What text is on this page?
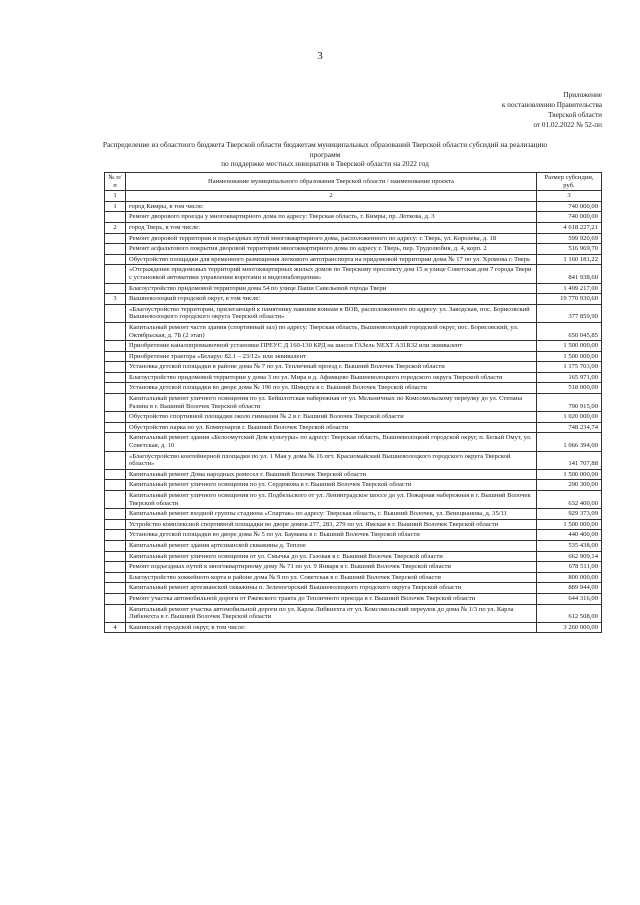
3
Приложение
к постановлению Правительства
Тверской области
от 01.02.2022 № 52-пп
Распределение из областного бюджета Тверской области бюджетам муниципальных образований Тверской области субсидий на реализацию программ
по поддержке местных инициатив в Тверской области на 2022 год
№ п/п	Наименование муниципального образования Тверской области / наименование проекта	Размер субсидии, руб.
1	2	3
1	город Кимры, в том числе:	740 000,00
	Ремонт дворового проезда у многоквартирного дома по адресу: Тверская область, г. Кимры, пр. Лоткова, д. 3	740 000,00
2	город Тверь, в том числе:	4 618 227,21
	Ремонт дворовой территории и подъездных путей многоквартирного дома, расположенного по адресу: г. Тверь, ул. Королева, д. 18	599 920,69
	Ремонт асфальтового покрытия дворовой территории многоквартирного дома по адресу г. Тверь, пер. Трудолюбия, д. 4, корп. 2	516 969,70
	Обустройство площадки для временного размещения легкового автотранспорта на придомовой территории дома № 17 по ул. Хромова г. Тверь	1 160 181,22
	«Отграждение придомовых территорий многоквартирных жилых домов по Тверскому проспекту дом 15 и улице Советская дом 7 города Твери с установкой автоматики управления воротами и видеонаблюдения»	841 938,60
	Благоустройство придомовой территории дома 54 по улице Паши Савельевой города Твери	1 499 217,00
3	Вышневолоцкий городской округ, в том числе:	19 770 930,60
	«Благоустройство территории, прилегающей к памятнику павшим воинам в ВОВ, расположенного по адресу: ул. Заводская, пос. Борисовский Вышневолоцкого городского округа Тверской области»	377 859,90
	Капитальный ремонт части здания (спортивный зал) по адресу: Тверская область, Вышневолоцкий городской округ, пос. Борисовский, ул. Октябрьская, д. 7Б (2 этап)	650 045,85
	Приобретение каналопромывочной установки ПРЕУС Д 160-130 КРД на шасси ГАЗель NEXT A31R32 или эквивалент	1 500 000,00
	Приобретение трактора «Беларус 82.1 – 23/12» или эквивалент	1 500 000,00
	Установка детской площадки в районе дома № 7 по ул. Тепличный проезд г. Вышний Волочек Тверской области	1 175 703,00
	Благоустройство придомовой территории у дома 3 по ул. Мира в д. Афимцево Вышневолоцкого городского округа Тверской области	165 971,00
	Установка детской площадки во дворе дома № 196 по ул. Шмидта в г. Вышний Волочек Тверской области	518 000,00
	Капитальный ремонт уличного освещения по ул. Бейшлотская набережная от ул. Мельничных по Комсомольскому переулку до ул. Степана Разина в г. Вышний Волочек Тверской области	790 915,00
	Обустройство спортивной площадки около гимназии № 2 в г. Вышний Волочек Тверской области	1 020 000,00
	Обустройство парка по ул. Коммунаров г. Вышний Волочек Тверской области	748 234,74
	Капитальный ремонт здания «Белоомутский Дом культуры» по адресу: Тверская область, Вышневолоцкий городской округ, п. Белый Омут, ул. Советская, д. 10	1 066 394,00
	«Благоустройство контейнерной площадки по ул. 1 Мая у дома № 16 пгт. Красномайский Вышневолоцкого городского округа Тверской области»	141 707,88
	Капитальный ремонт Дома народных ремесел г. Вышний Волочек Тверской области	1 500 000,00
	Капитальный ремонт уличного освещения по ул. Сердюкова в г. Вышний Волочек Тверской области	290 300,00
	Капитальный ремонт уличного освещения по ул. Подбельского от ул. Ленинградское шоссе до ул. Пожарная набережная в г. Вышний Волочек Тверской области	632 400,00
	Капитальный ремонт входной группы стадиона «Спартак» по адресу: Тверская область, г. Вышний Волочек, ул. Венецианова, д. 35/11	929 373,09
	Устройство комплексной спортивной площадки во дворе домов 277, 283, 279 по ул. Ямская в г. Вышний Волочек Тверской области	1 500 000,00
	Установка детской площадки во дворе дома № 5 по ул. Баумана в г. Вышний Волочек Тверской области	440 400,00
	Капитальный ремонт здания артезианской скважины д. Теплое	535 438,00
	Капитальный ремонт уличного освещения от ул. Смычка до ул. Газовая в г. Вышний Волочек Тверской области	662 909,14
	Ремонт подъездных путей к многоквартирному дому № 71 по ул. 9 Января в г. Вышний Волочек Тверской области	678 511,00
	Благоустройство хоккейного корта в районе дома № 9 по ул. Советская в г. Вышний Волочек Тверской области	800 000,00
	Капитальный ремонт артезианской скважины п. Зеленогорский Вышневолоцкого городского округа Тверской области	889 944,00
	Ремонт участка автомобильной дороги от Ржевского тракта до Тепличного проезда в г. Вышний Волочек Тверской области	644 316,00
	Капитальный ремонт участка автомобильной дороги по ул. Карла Либкнехта от ул. Комсомольский переулок до дома № 1/3 по ул. Карла Либкнехта в г. Вышний Волочек Тверской области	612 508,00
4	Кашинский городской округ, в том числе:	3 260 000,00
